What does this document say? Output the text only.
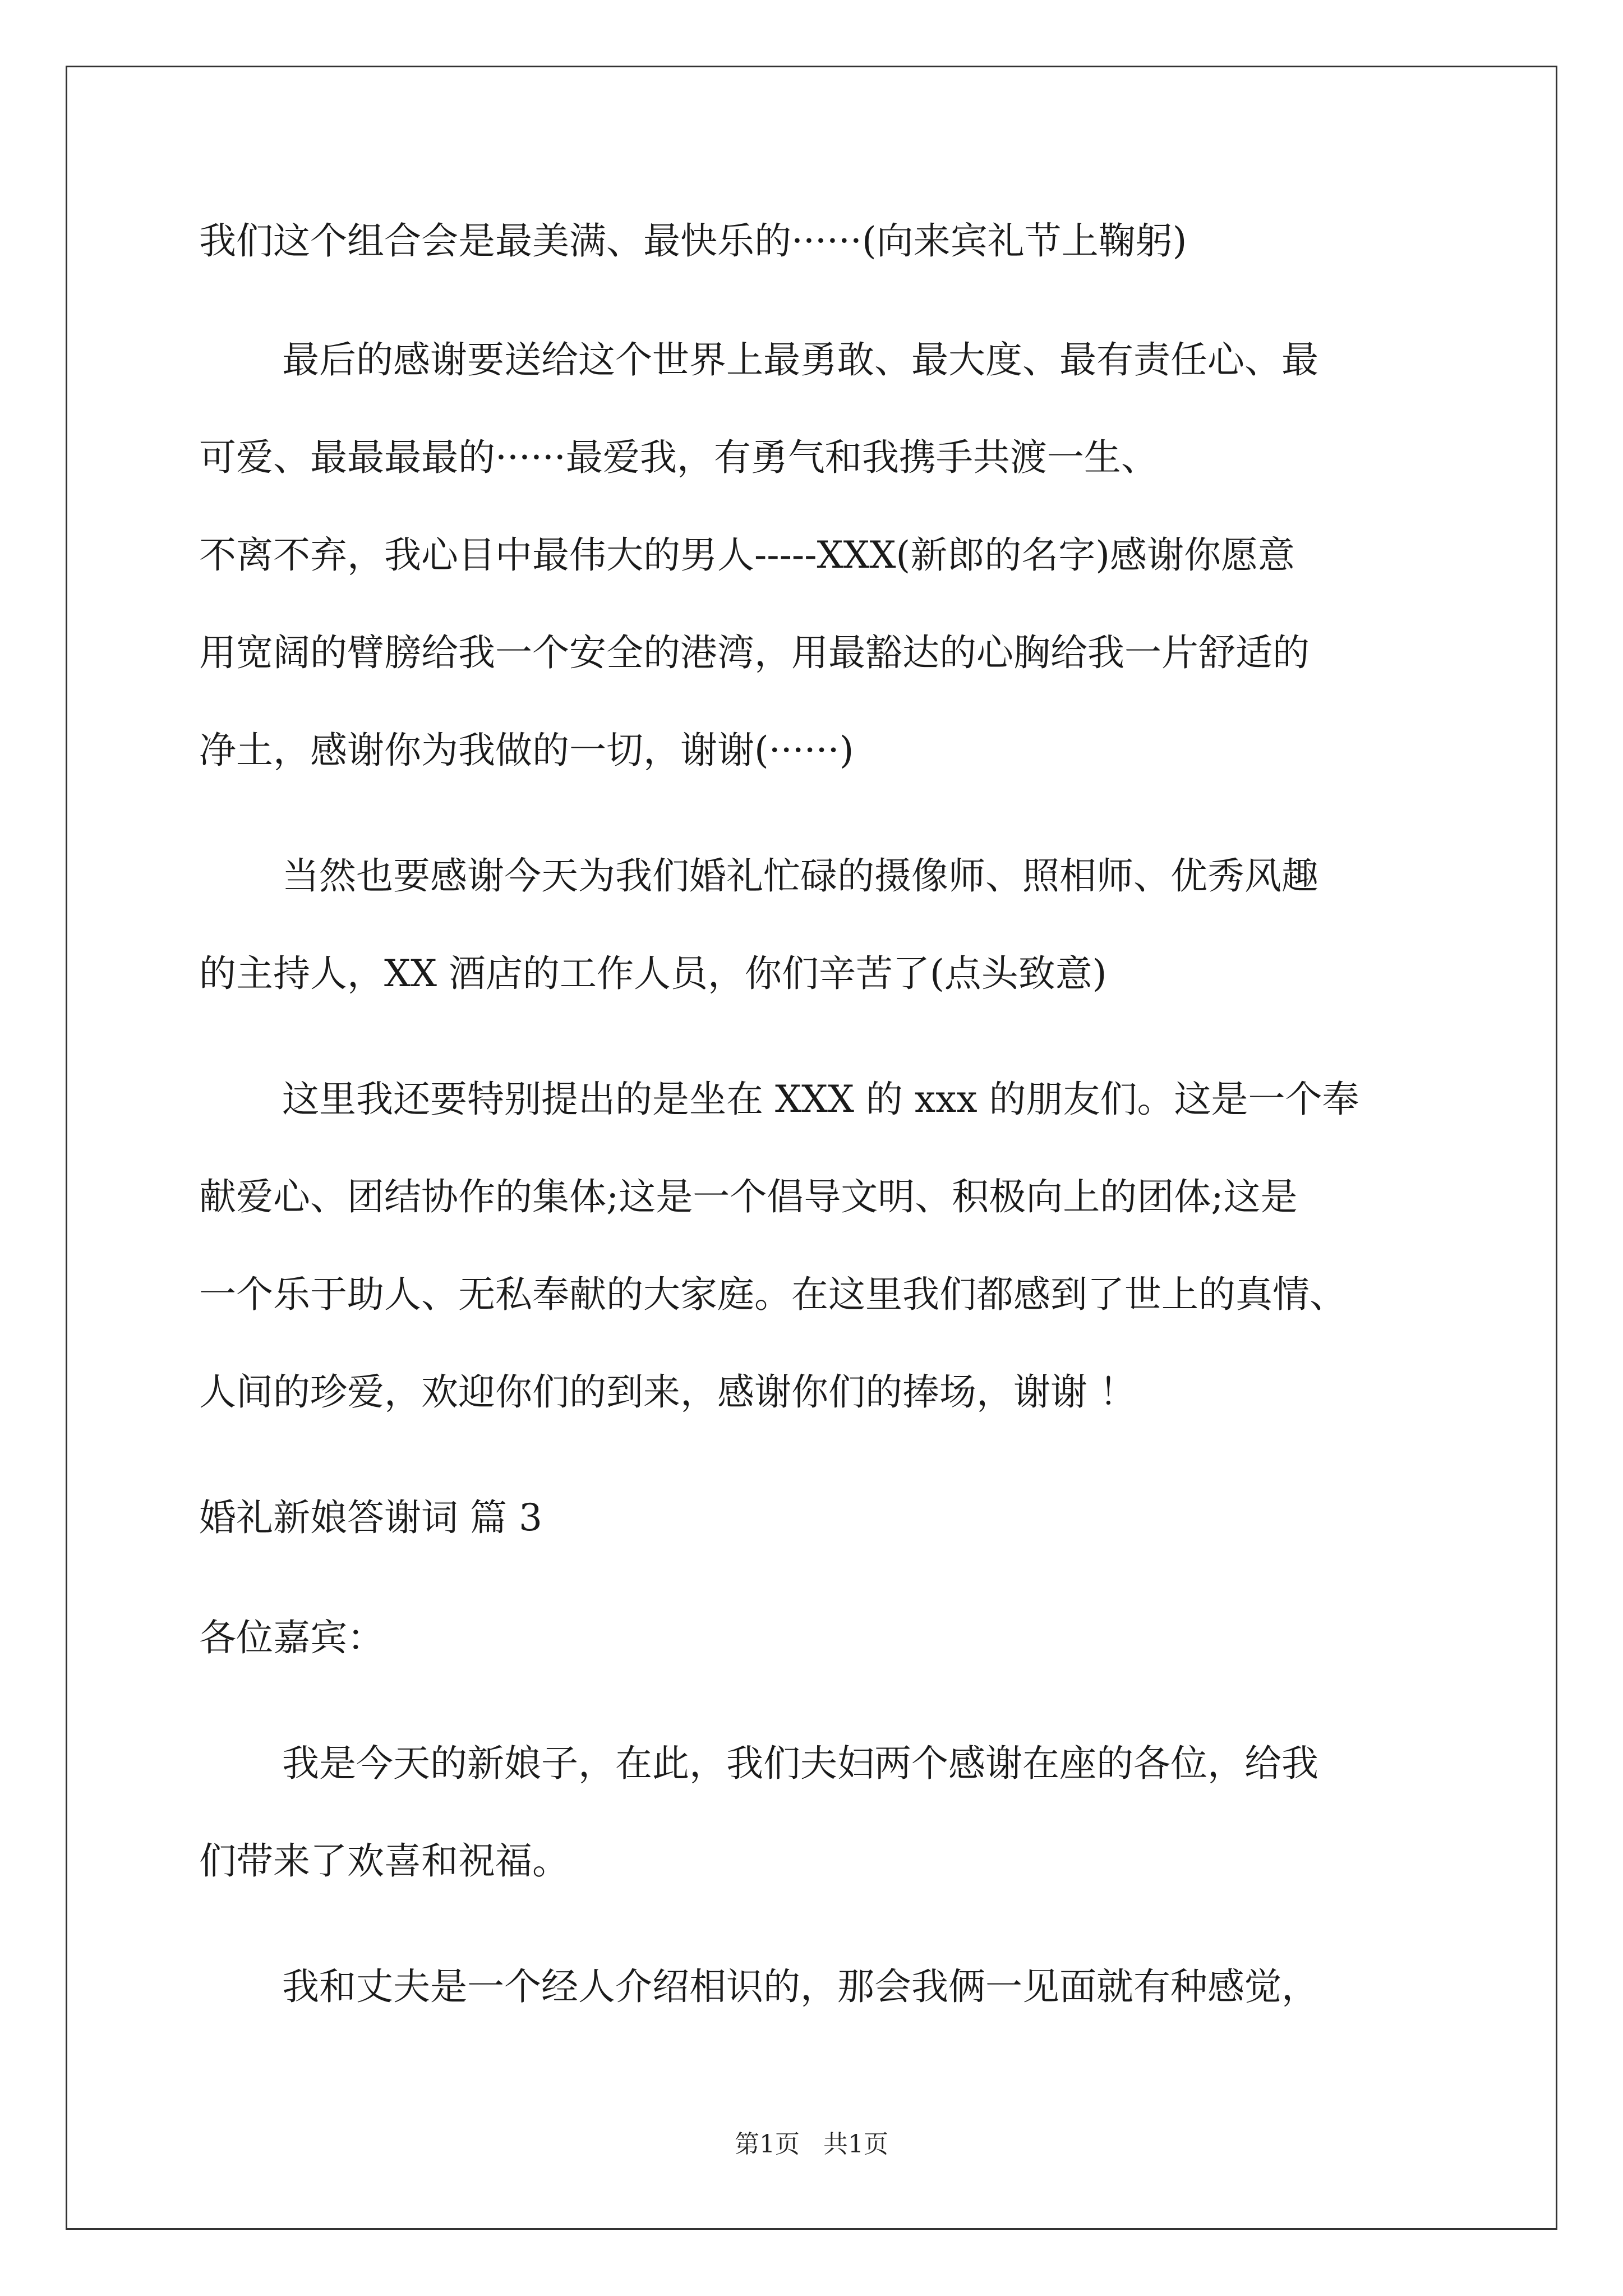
我们这个组合会是最美满、最快乐的······(向来宾礼节上鞠躬)
最后的感谢要送给这个世界上最勇敢、最大度、最有责任心、最
可爱、最最最最的······最爱我，有勇气和我携手共渡一生、
不离不弃，我心目中最伟大的男人-----XXX(新郎的名字)感谢你愿意
用宽阔的臂膀给我一个安全的港湾，用最豁达的心胸给我一片舒适的
净土，感谢你为我做的一切，谢谢(······)
当然也要感谢今天为我们婚礼忙碌的摄像师、照相师、优秀风趣
的主持人，XX 酒店的工作人员，你们辛苦了(点头致意)
这里我还要特别提出的是坐在 XXX 的 xxx 的朋友们。这是一个奉
献爱心、团结协作的集体;这是一个倡导文明、积极向上的团体;这是
一个乐于助人、无私奉献的大家庭。在这里我们都感到了世上的真情、
人间的珍爱，欢迎你们的到来，感谢你们的捧场，谢谢 ！
婚礼新娘答谢词 篇 3
各位嘉宾：
我是今天的新娘子，在此，我们夫妇两个感谢在座的各位，给我
们带来了欢喜和祝福。
我和丈夫是一个经人介绍相识的，那会我俩一见面就有种感觉，
第1页   共1页
